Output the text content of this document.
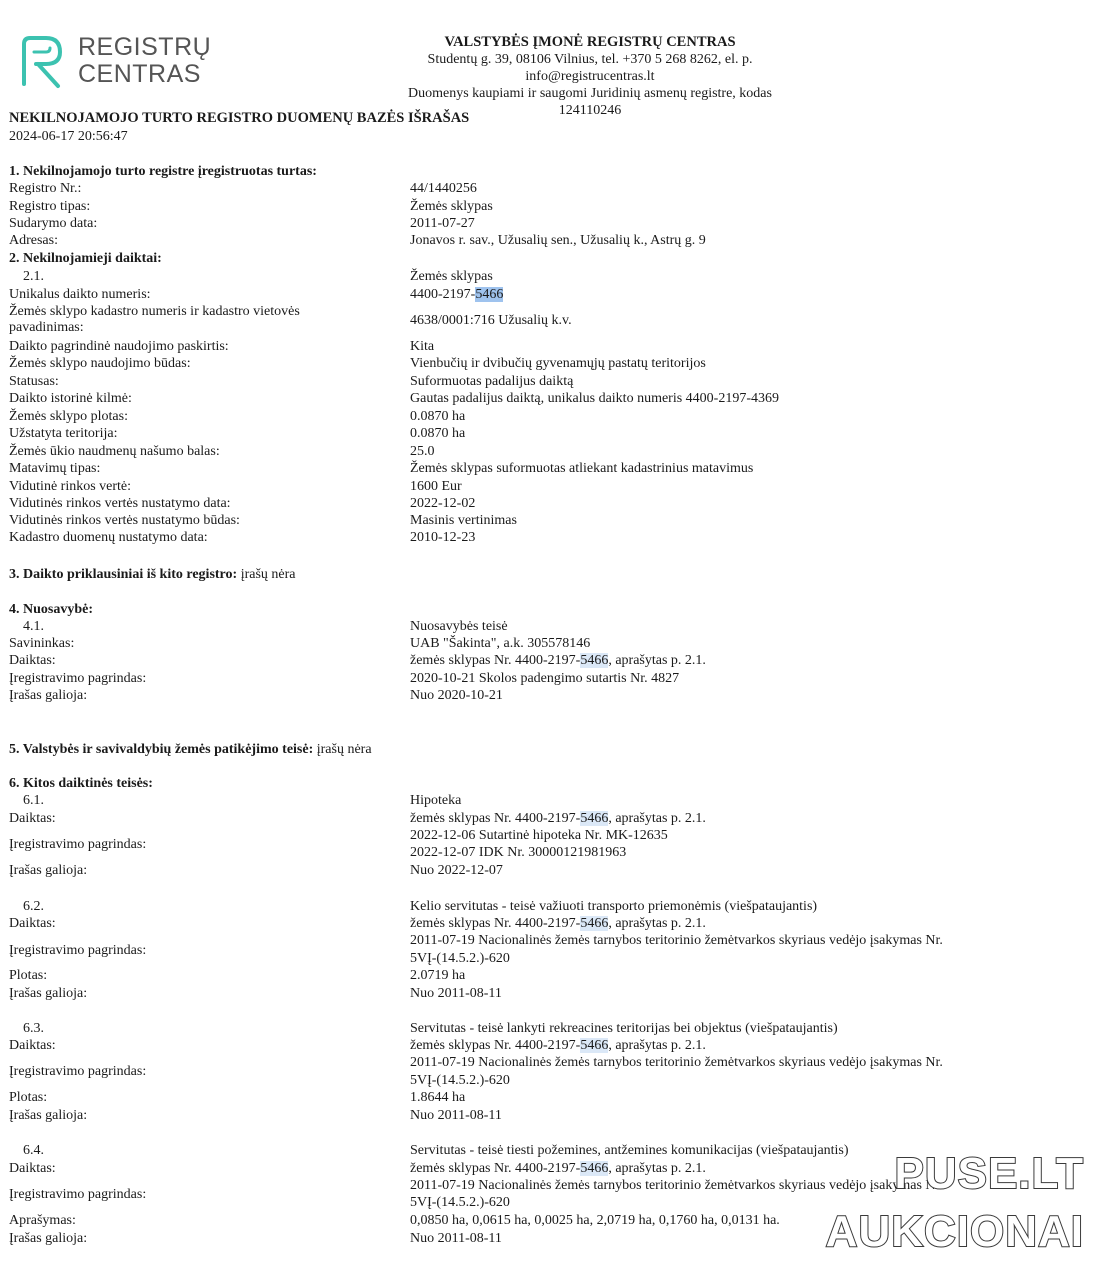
REGISTRŲ
CENTRAS
VALSTYBĖS ĮMONĖ REGISTRŲ CENTRAS
Studentų g. 39, 08106 Vilnius, tel. +370 5 268 8262, el. p. info@registrucentras.lt
Duomenys kaupiami ir saugomi Juridinių asmenų registre, kodas 124110246
NEKILNOJAMOJO TURTO REGISTRO DUOMENŲ BAZĖS IŠRAŠAS
2024-06-17 20:56:47
1. Nekilnojamojo turto registre įregistruotas turtas:
Registro Nr.:	44/1440256
Registro tipas:	Žemės sklypas
Sudarymo data:	2011-07-27
Adresas:	Jonavos r. sav., Užusalių sen., Užusalių k., Astrų g. 9
2. Nekilnojamieji daiktai:
2.1.	Žemės sklypas
Unikalus daikto numeris:	4400-2197-5466
Žemės sklypo kadastro numeris ir kadastro vietovės
pavadinimas:	4638/0001:716 Užusalių k.v.
Daikto pagrindinė naudojimo paskirtis:	Kita
Žemės sklypo naudojimo būdas:	Vienbučių ir dvibučių gyvenamųjų pastatų teritorijos
Statusas:	Suformuotas padalijus daiktą
Daikto istorinė kilmė:	Gautas padalijus daiktą, unikalus daikto numeris 4400-2197-4369
Žemės sklypo plotas:	0.0870 ha
Užstatyta teritorija:	0.0870 ha
Žemės ūkio naudmenų našumo balas:	25.0
Matavimų tipas:	Žemės sklypas suformuotas atliekant kadastrinius matavimus
Vidutinė rinkos vertė:	1600 Eur
Vidutinės rinkos vertės nustatymo data:	2022-12-02
Vidutinės rinkos vertės nustatymo būdas:	Masinis vertinimas
Kadastro duomenų nustatymo data:	2010-12-23
3. Daikto priklausiniai iš kito registro: įrašų nėra
4. Nuosavybė:
4.1.	Nuosavybės teisė
Savininkas:	UAB "Šakinta", a.k. 305578146
Daiktas:	žemės sklypas Nr. 4400-2197-5466, aprašytas p. 2.1.
Įregistravimo pagrindas:	2020-10-21 Skolos padengimo sutartis Nr. 4827
Įrašas galioja:	Nuo 2020-10-21
5. Valstybės ir savivaldybių žemės patikėjimo teisė: įrašų nėra
6. Kitos daiktinės teisės:
6.1.	Hipoteka
Daiktas:	žemės sklypas Nr. 4400-2197-5466, aprašytas p. 2.1.
Įregistravimo pagrindas:
2022-12-06 Sutartinė hipoteka Nr. MK-12635
2022-12-07 IDK Nr. 30000121981963
Įrašas galioja:	Nuo 2022-12-07
6.2.	Kelio servitutas - teisė važiuoti transporto priemonėmis (viešpataujantis)
Daiktas:	žemės sklypas Nr. 4400-2197-5466, aprašytas p. 2.1.
Įregistravimo pagrindas:
2011-07-19 Nacionalinės žemės tarnybos teritorinio žemėtvarkos skyriaus vedėjo įsakymas Nr.
5VĮ-(14.5.2.)-620
Plotas:	2.0719 ha
Įrašas galioja:	Nuo 2011-08-11
6.3.	Servitutas - teisė lankyti rekreacines teritorijas bei objektus (viešpataujantis)
Daiktas:	žemės sklypas Nr. 4400-2197-5466, aprašytas p. 2.1.
Įregistravimo pagrindas:
2011-07-19 Nacionalinės žemės tarnybos teritorinio žemėtvarkos skyriaus vedėjo įsakymas Nr.
5VĮ-(14.5.2.)-620
Plotas:	1.8644 ha
Įrašas galioja:	Nuo 2011-08-11
6.4.	Servitutas - teisė tiesti požemines, antžemines komunikacijas (viešpataujantis)
Daiktas:	žemės sklypas Nr. 4400-2197-5466, aprašytas p. 2.1.
Įregistravimo pagrindas:
2011-07-19 Nacionalinės žemės tarnybos teritorinio žemėtvarkos skyriaus vedėjo įsakymas Nr.
5VĮ-(14.5.2.)-620
Aprašymas:	0,0850 ha, 0,0615 ha, 0,0025 ha, 2,0719 ha, 0,1760 ha, 0,0131 ha.
Įrašas galioja:	Nuo 2011-08-11
PUSE.LT
AUKCIONAI
